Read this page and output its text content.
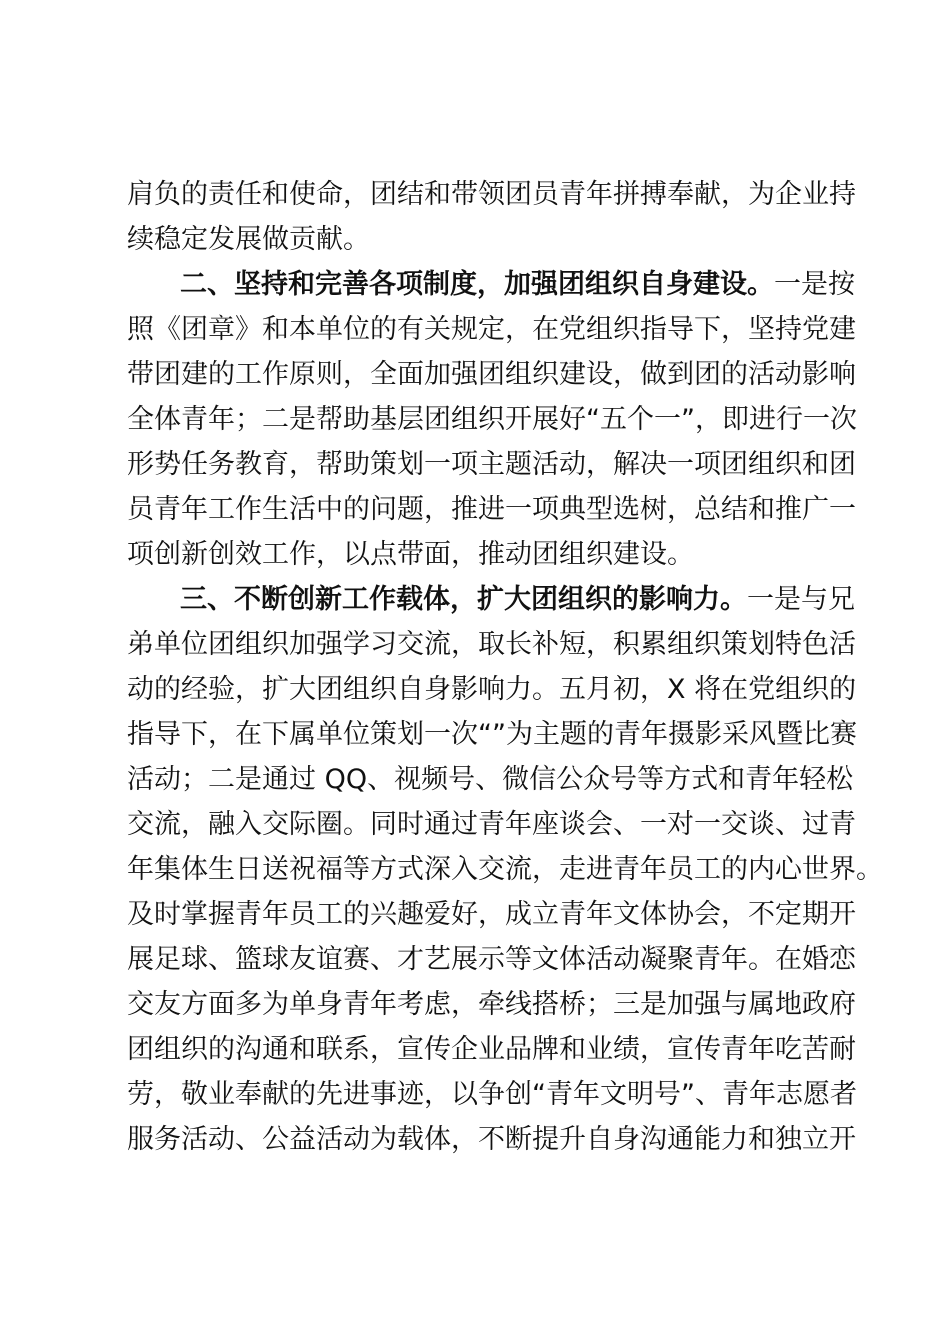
肩负的责任和使命，团结和带领团员青年拼搏奉献，为企业持
续稳定发展做贡献。
二、坚持和完善各项制度，加强团组织自身建设。一是按
照《团章》和本单位的有关规定，在党组织指导下，坚持党建
带团建的工作原则，全面加强团组织建设，做到团的活动影响
全体青年；二是帮助基层团组织开展好“五个一”，即进行一次
形势任务教育，帮助策划一项主题活动，解决一项团组织和团
员青年工作生活中的问题，推进一项典型选树，总结和推广一
项创新创效工作，以点带面，推动团组织建设。
三、不断创新工作载体，扩大团组织的影响力。一是与兄
弟单位团组织加强学习交流，取长补短，积累组织策划特色活
动的经验，扩大团组织自身影响力。五月初，X 将在党组织的
指导下，在下属单位策划一次“”为主题的青年摄影采风暨比赛
活动；二是通过 QQ、视频号、微信公众号等方式和青年轻松
交流，融入交际圈。同时通过青年座谈会、一对一交谈、过青
年集体生日送祝福等方式深入交流，走进青年员工的内心世界。
及时掌握青年员工的兴趣爱好，成立青年文体协会，不定期开
展足球、篮球友谊赛、才艺展示等文体活动凝聚青年。在婚恋
交友方面多为单身青年考虑，牵线搭桥；三是加强与属地政府
团组织的沟通和联系，宣传企业品牌和业绩，宣传青年吃苦耐
劳，敬业奉献的先进事迹，以争创“青年文明号”、青年志愿者
服务活动、公益活动为载体，不断提升自身沟通能力和独立开
